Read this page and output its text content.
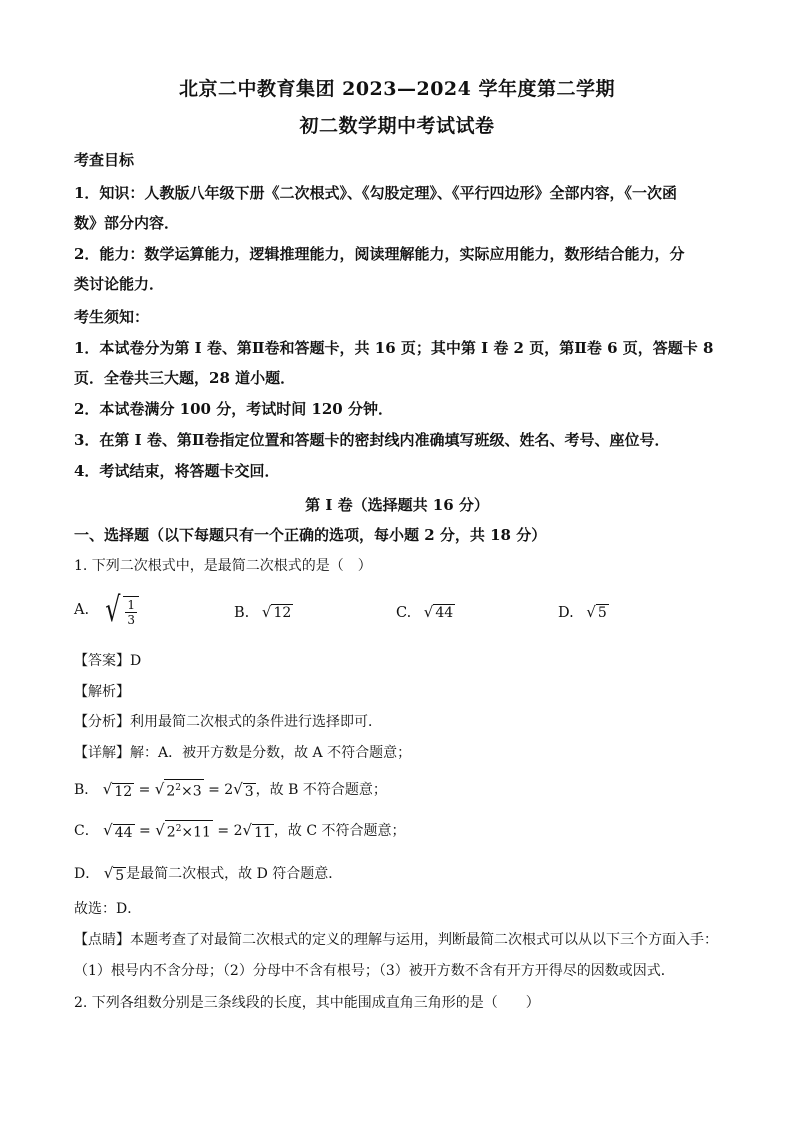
北京二中教育集团 2023—2024 学年度第二学期
初二数学期中考试试卷
考查目标
1．知识：人教版八年级下册《二次根式》、《勾股定理》、《平行四边形》全部内容，《一次函
数》部分内容．
2．能力：数学运算能力，逻辑推理能力，阅读理解能力，实际应用能力，数形结合能力，分
类讨论能力．
考生须知：
1．本试卷分为第 I 卷、第Ⅱ卷和答题卡，共 16 页；其中第 I 卷 2 页，第Ⅱ卷 6 页，答题卡 8
页．全卷共三大题，28 道小题．
2．本试卷满分 100 分，考试时间 120 分钟．
3．在第 I 卷、第Ⅱ卷指定位置和答题卡的密封线内准确填写班级、姓名、考号、座位号．
4．考试结束，将答题卡交回．
第 I 卷（选择题共 16 分）
一、选择题（以下每题只有一个正确的选项，每小题 2 分，共 18 分）
1. 下列二次根式中，是最简二次根式的是（　）
A. √ $\frac{1}{3}$	B. √ 12	C. √ 44	D. √ 5
【答案】D
【解析】
【分析】利用最简二次根式的条件进行选择即可．
【详解】解：A．被开方数是分数，故 A 不符合题意；
B． √ 12 = √ $2^2\times 3 = 2$ √ 3 ，故 B 不符合题意；
C． √ 44 = √ $2^2\times 11 = 2$ √ 11 ，故 C 不符合题意；
D． √ 5 是最简二次根式，故 D 符合题意．
故选：D．
【点睛】本题考查了对最简二次根式的定义的理解与运用，判断最简二次根式可以从以下三个方面入手：
（1）根号内不含分母；（2）分母中不含有根号；（3）被开方数不含有开方开得尽的因数或因式．
2. 下列各组数分别是三条线段的长度，其中能围成直角三角形的是（　　）
